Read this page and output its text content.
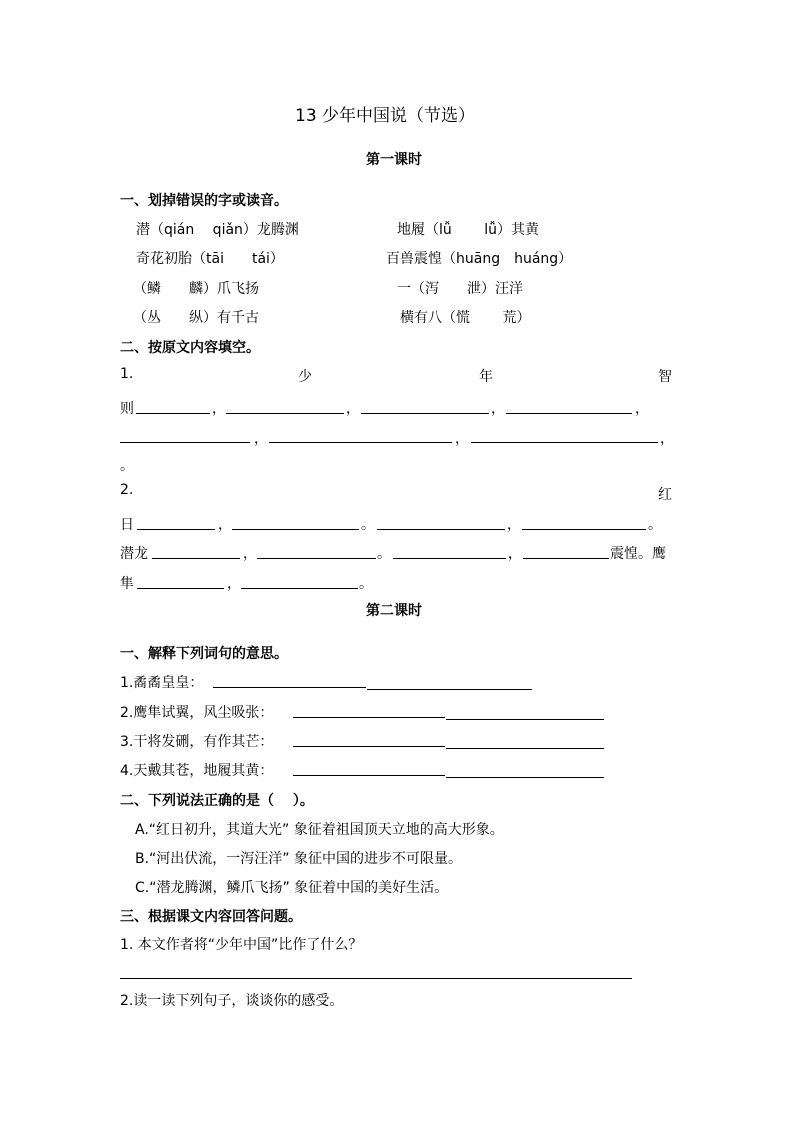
13 少年中国说（节选）
第一课时
一、划掉错误的字或读音。
潜（qián　 qiǎn）龙腾渊	地履（lǚ　　 lǚ）其黄
奇花初胎（tāi　　tái）	百兽震惶（huāng　huáng）
（鳞　　麟）爪飞扬	一（泻　　泄）汪洋
（丛　　纵）有千古	横有八（慌　　 荒）
二、按原文内容填空。
1.	少	年	智
则	，	，	，	，
，	，	，
。
2.	红
日	，	。	，	。
潜龙	，	。	，	震惶。鹰
隼	，	。
第二课时
一、解释下列词句的意思。
1.矞矞皇皇：
2.鹰隼试翼，风尘吸张：
3.干将发硎，有作其芒：
4.天戴其苍，地履其黄：
二、下列说法正确的是（　 ）。
A.“红日初升，其道大光” 象征着祖国顶天立地的高大形象。
B.“河出伏流，一泻汪洋” 象征中国的进步不可限量。
C.“潜龙腾渊，鳞爪飞扬” 象征着中国的美好生活。
三、根据课文内容回答问题。
1. 本文作者将“少年中国”比作了什么？
2.读一读下列句子，谈谈你的感受。
